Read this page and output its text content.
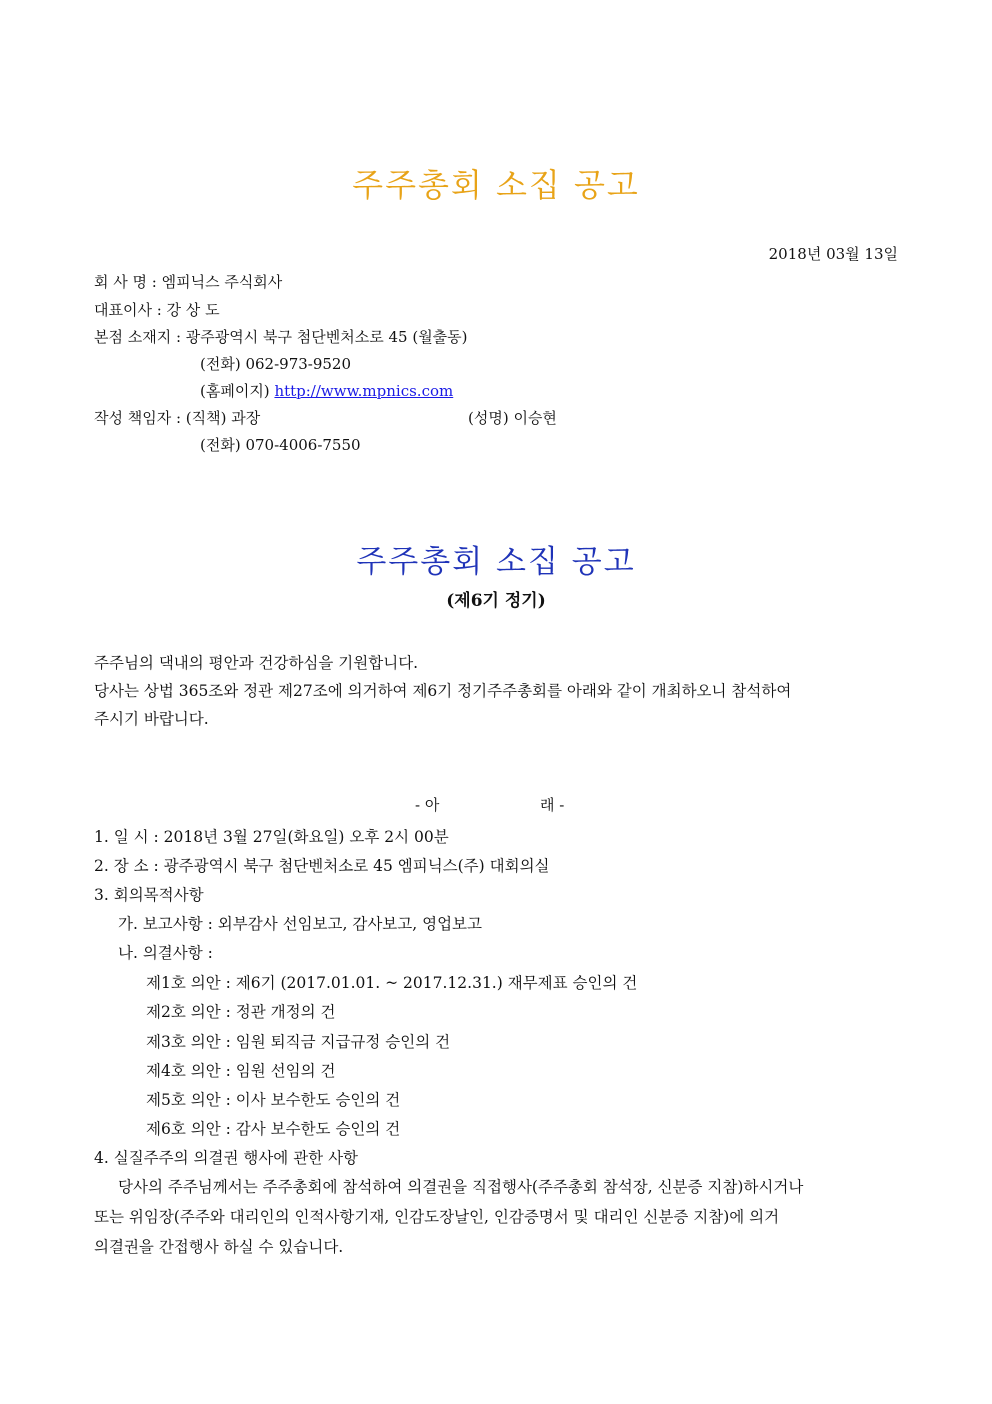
주주총회 소집 공고
2018년 03월 13일
회 사 명 : 엠피닉스 주식회사
대표이사 : 강 상 도
본점 소재지 : 광주광역시 북구 첨단벤처소로 45 (월출동)
(전화) 062-973-9520
(홈페이지) http://www.mpnics.com
작성 책임자 : (직책) 과장	(성명) 이승현
(전화) 070-4006-7550
주주총회 소집 공고
(제6기 정기)
주주님의 댁내의 평안과 건강하심을 기원합니다.
당사는 상법 365조와 정관 제27조에 의거하여 제6기 정기주주총회를 아래와 같이 개최하오니 참석하여
주시기 바랍니다.
- 아	래 -
1. 일 시 : 2018년 3월 27일(화요일) 오후 2시 00분
2. 장 소 : 광주광역시 북구 첨단벤처소로 45 엠피닉스(주) 대회의실
3. 회의목적사항
가. 보고사항 : 외부감사 선임보고, 감사보고, 영업보고
나. 의결사항 :
제1호 의안 : 제6기 (2017.01.01. ~ 2017.12.31.) 재무제표 승인의 건
제2호 의안 : 정관 개정의 건
제3호 의안 : 임원 퇴직금 지급규정 승인의 건
제4호 의안 : 임원 선임의 건
제5호 의안 : 이사 보수한도 승인의 건
제6호 의안 : 감사 보수한도 승인의 건
4. 실질주주의 의결권 행사에 관한 사항
당사의 주주님께서는 주주총회에 참석하여 의결권을 직접행사(주주총회 참석장, 신분증 지참)하시거나
또는 위임장(주주와 대리인의 인적사항기재, 인감도장날인, 인감증명서 및 대리인 신분증 지참)에 의거
의결권을 간접행사 하실 수 있습니다.
